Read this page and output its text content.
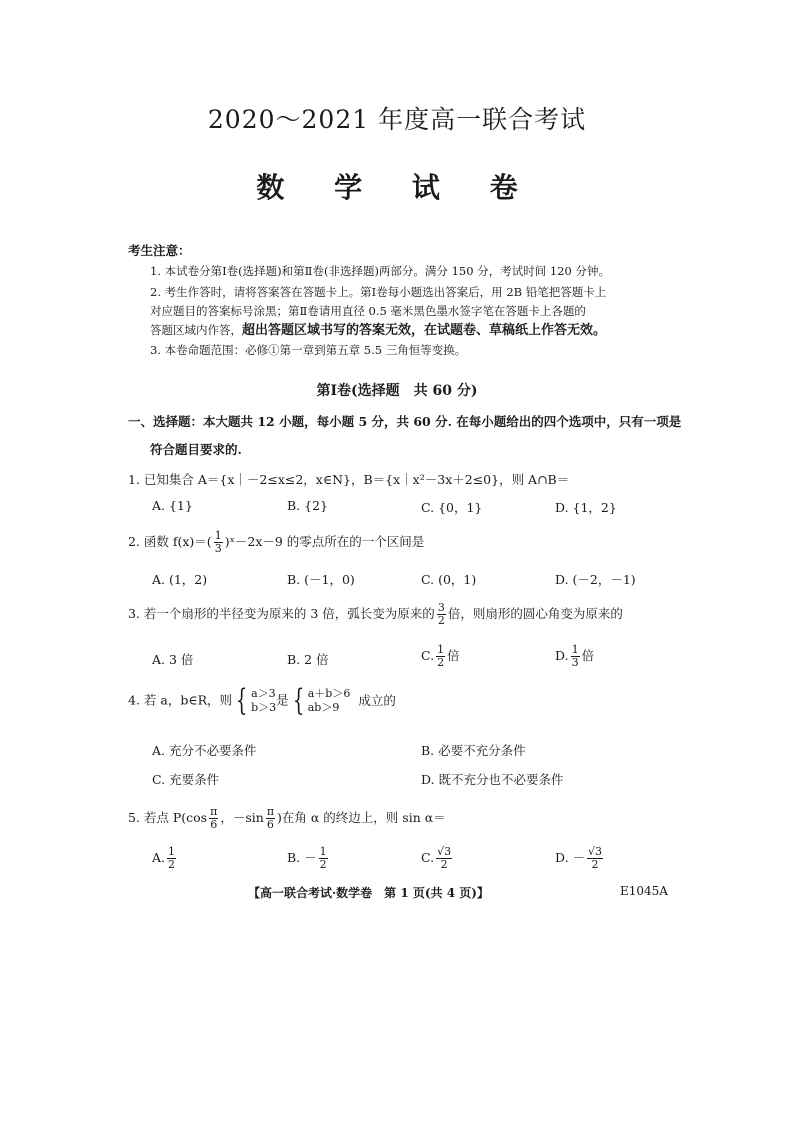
2020～2021 年度高一联合考试
数 学 试 卷
考生注意：
1. 本试卷分第Ⅰ卷(选择题)和第Ⅱ卷(非选择题)两部分。满分 150 分，考试时间 120 分钟。
2. 考生作答时，请将答案答在答题卡上。第Ⅰ卷每小题选出答案后，用 2B 铅笔把答题卡上
对应题目的答案标号涂黑；第Ⅱ卷请用直径 0.5 毫米黑色墨水签字笔在答题卡上各题的
答题区域内作答，超出答题区域书写的答案无效，在试题卷、草稿纸上作答无效。
3. 本卷命题范围：必修①第一章到第五章 5.5 三角恒等变换。
第Ⅰ卷(选择题　共 60 分)
一、选择题：本大题共 12 小题，每小题 5 分，共 60 分. 在每小题给出的四个选项中，只有一项是
符合题目要求的.
1. 已知集合 A＝{x｜－2≤x≤2，x∈N}，B＝{x｜x²－3x＋2≤0}，则 A∩B＝
A. {1}	B. {2}	C. {0，1}	D. {1，2}
2. 函数 $f(x)=( \frac{1}{3}$ )ˣ－2x－9 的零点所在的一个区间是
A. (1，2)	B. (－1，0)	C. (0，1)	D. (－2，－1)
3. 若一个扇形的半径变为原来的 3 倍，弧长变为原来的 $\frac{3}{2}$ 倍，则扇形的圆心角变为原来的
A. 3 倍	B. 2 倍	C. $\frac{1}{2}$ 倍	D. $\frac{1}{3}$ 倍
4. 若 a，b∈R，则 { a＞3
b＞3 是 { a＋b＞6
ab＞9	成立的
A. 充分不必要条件	B. 必要不充分条件
C. 充要条件	D. 既不充分也不必要条件
5. 若点 $P(\cos \frac{\pi}{6}$ ，$-\sin \frac{\pi}{6}$ )在角 α 的终边上，则 sin α＝
A. $\frac{1}{2}$	B. － $\frac{1}{2}$	C. $\frac{√3}{2}$	D. － $\frac{√3}{2}$
【高一联合考试·数学卷　第 1 页(共 4 页)】	E1045A
